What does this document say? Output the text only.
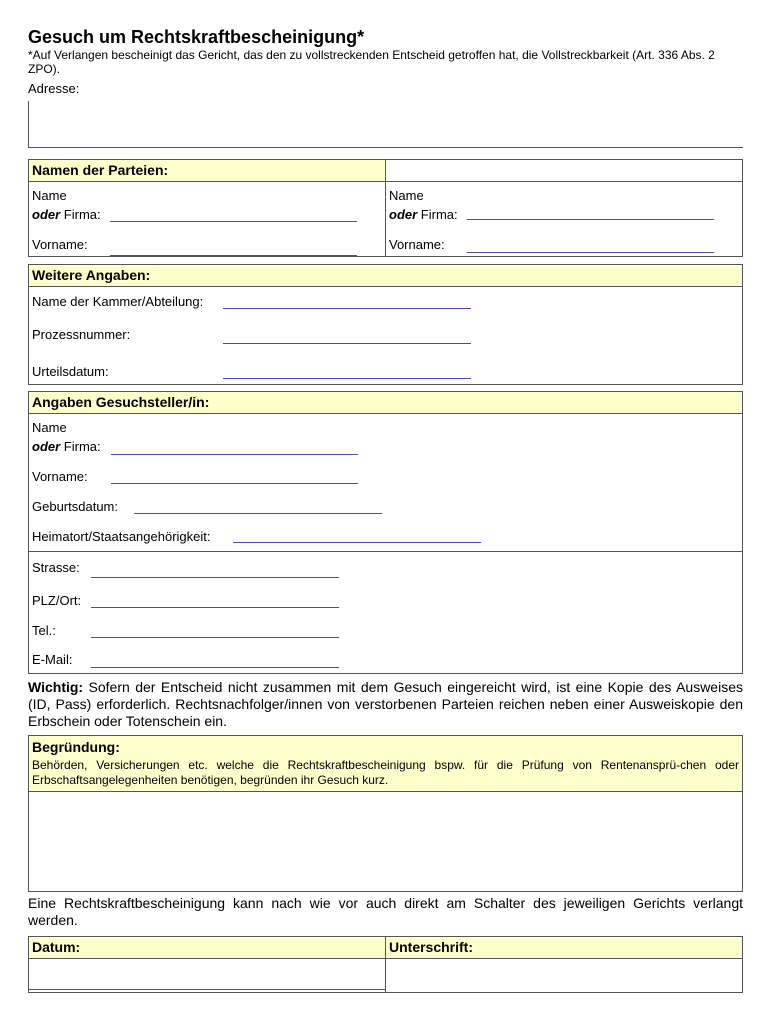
Gesuch um Rechtskraftbescheinigung*
*Auf Verlangen bescheinigt das Gericht, das den zu vollstreckenden Entscheid getroffen hat, die Vollstreckbarkeit (Art. 336 Abs. 2 ZPO).
Adresse:
Namen der Parteien:
Name
oder Firma:
Vorname:
Name
oder Firma:
Vorname:
Weitere Angaben:
Name der Kammer/Abteilung:
Prozessnummer:
Urteilsdatum:
Angaben Gesuchsteller/in:
Name
oder Firma:
Vorname:
Geburtsdatum:
Heimatort/Staatsangehörigkeit:
Strasse:
PLZ/Ort:
Tel.:
E-Mail:
Wichtig: Sofern der Entscheid nicht zusammen mit dem Gesuch eingereicht wird, ist eine Kopie des Ausweises (ID, Pass) erforderlich. Rechtsnachfolger/innen von verstorbenen Parteien reichen neben einer Ausweiskopie den Erbschein oder Totenschein ein.
Begründung:
Behörden, Versicherungen etc. welche die Rechtskraftbescheinigung bspw. für die Prüfung von Rentenansprü-chen oder Erbschaftsangelegenheiten benötigen, begründen ihr Gesuch kurz.
Eine Rechtskraftbescheinigung kann nach wie vor auch direkt am Schalter des jeweiligen Gerichts verlangt werden.
Datum:	Unterschrift:
